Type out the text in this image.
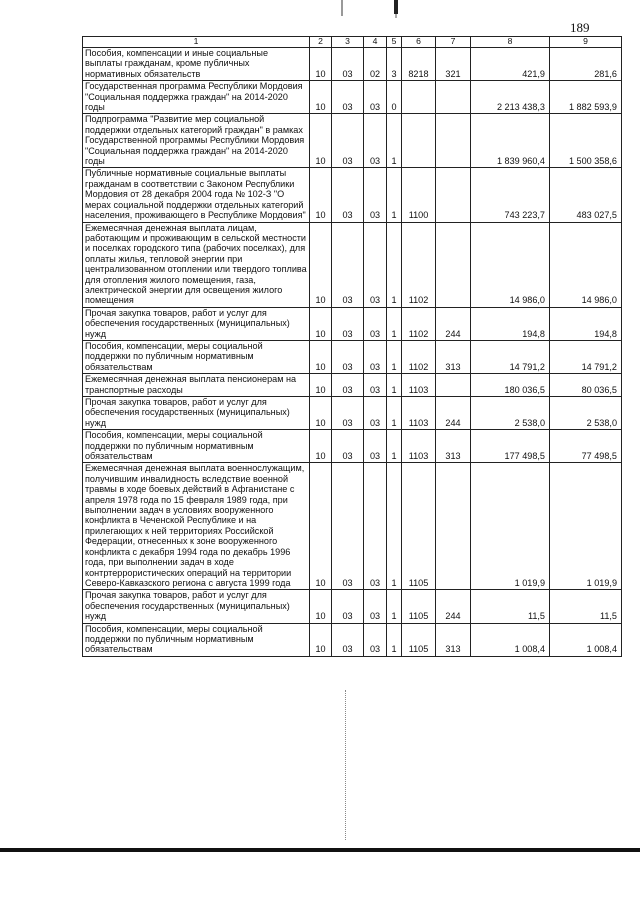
189
1	2	3	4	5	6	7	8	9
Пособия, компенсации и иные социальные выплаты гражданам, кроме публичных нормативных обязательств	10	03	02	3	8218	321	421,9	281,6
Государственная программа Республики Мордовия "Социальная поддержка граждан" на 2014-2020 годы	10	03	03	0			2 213 438,3	1 882 593,9
Подпрограмма "Развитие мер социальной поддержки отдельных категорий граждан" в рамках Государственной программы Республики Мордовия "Социальная поддержка граждан" на 2014-2020 годы	10	03	03	1			1 839 960,4	1 500 358,6
Публичные нормативные социальные выплаты гражданам в соответствии с Законом Республики Мордовия от 28 декабря 2004 года № 102-З "О мерах социальной поддержки отдельных категорий населения, проживающего в Республике Мордовия"	10	03	03	1	1100		743 223,7	483 027,5
Ежемесячная денежная выплата лицам, работающим и проживающим в сельской местности и поселках городского типа (рабочих поселках), для оплаты жилья, тепловой энергии при централизованном отоплении или твердого топлива для отопления жилого помещения, газа, электрической энергии для освещения жилого помещения	10	03	03	1	1102		14 986,0	14 986,0
Прочая закупка товаров, работ и услуг для обеспечения государственных (муниципальных) нужд	10	03	03	1	1102	244	194,8	194,8
Пособия, компенсации, меры социальной поддержки по публичным нормативным обязательствам	10	03	03	1	1102	313	14 791,2	14 791,2
Ежемесячная денежная выплата пенсионерам на транспортные расходы	10	03	03	1	1103		180 036,5	80 036,5
Прочая закупка товаров, работ и услуг для обеспечения государственных (муниципальных) нужд	10	03	03	1	1103	244	2 538,0	2 538,0
Пособия, компенсации, меры социальной поддержки по публичным нормативным обязательствам	10	03	03	1	1103	313	177 498,5	77 498,5
Ежемесячная денежная выплата военнослужащим, получившим инвалидность вследствие военной травмы в ходе боевых действий в Афганистане с апреля 1978 года по 15 февраля 1989 года, при выполнении задач в условиях вооруженного конфликта в Чеченской Республике и на прилегающих к ней территориях Российской Федерации, отнесенных к зоне вооруженного конфликта с декабря 1994 года по декабрь 1996 года, при выполнении задач в ходе контртеррористических операций на территории Северо-Кавказского региона с августа 1999 года	10	03	03	1	1105		1 019,9	1 019,9
Прочая закупка товаров, работ и услуг для обеспечения государственных (муниципальных) нужд	10	03	03	1	1105	244	11,5	11,5
Пособия, компенсации, меры социальной поддержки по публичным нормативным обязательствам	10	03	03	1	1105	313	1 008,4	1 008,4
